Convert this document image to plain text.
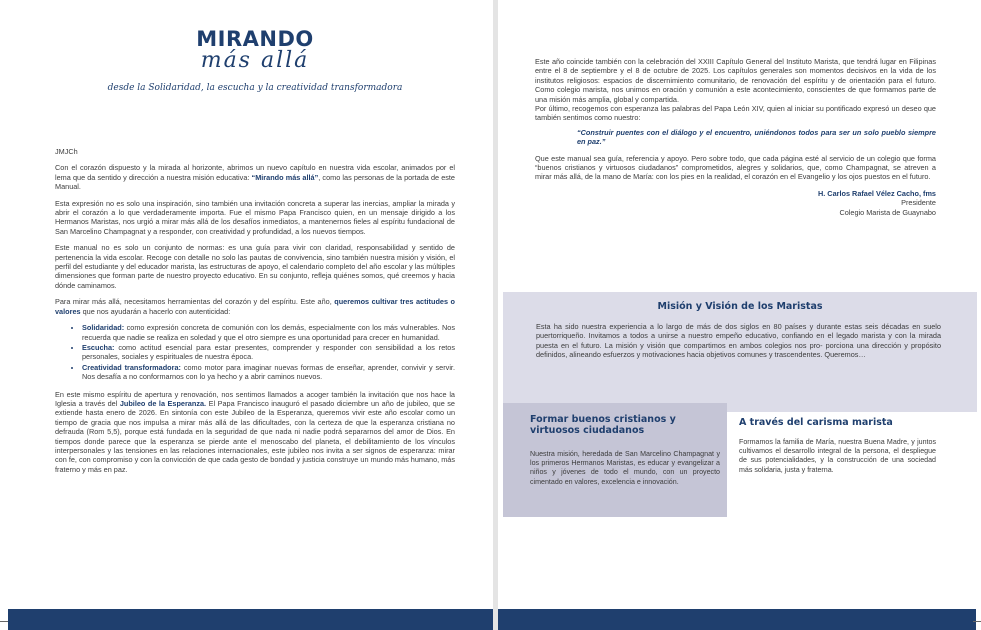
MIRANDO
más allá
desde la Solidaridad, la escucha y la creatividad transformadora

JMJCh

Con el corazón dispuesto y la mirada al horizonte, abrimos un nuevo capítulo en nuestra vida escolar, animados por el lema que da sentido y dirección a nuestra misión educativa: “Mirando más allá”, como las personas de la portada de este Manual.

Esta expresión no es solo una inspiración, sino también una invitación concreta a superar las inercias, ampliar la mirada y abrir el corazón a lo que verdaderamente importa. Fue el mismo Papa Francisco quien, en un mensaje dirigido a los Hermanos Maristas, nos urgió a mirar más allá de los desafíos inmediatos, a mantenernos fieles al espíritu fundacional de San Marcelino Champagnat y a responder, con creatividad y profundidad, a los nuevos tiempos.

Este manual no es solo un conjunto de normas: es una guía para vivir con claridad, responsabilidad y sentido de pertenencia la vida escolar. Recoge con detalle no solo las pautas de convivencia, sino también nuestra misión y visión, el perfil del estudiante y del educador marista, las estructuras de apoyo, el calendario completo del año escolar y las múltiples dimensiones que forman parte de nuestro proyecto educativo. En su conjunto, refleja quiénes somos, qué creemos y hacia dónde caminamos.

Para mirar más allá, necesitamos herramientas del corazón y del espíritu. Este año, queremos cultivar tres actitudes o valores que nos ayudarán a hacerlo con autenticidad:

• Solidaridad: como expresión concreta de comunión con los demás, especialmente con los más vulnerables. Nos recuerda que nadie se realiza en soledad y que el otro siempre es una oportunidad para crecer en humanidad.
• Escucha: como actitud esencial para estar presentes, comprender y responder con sensibilidad a los retos personales, sociales y espirituales de nuestra época.
• Creatividad transformadora: como motor para imaginar nuevas formas de enseñar, aprender, convivir y servir. Nos desafía a no conformarnos con lo ya hecho y a abrir caminos nuevos.

En este mismo espíritu de apertura y renovación, nos sentimos llamados a acoger también la invitación que nos hace la Iglesia a través del Jubileo de la Esperanza. El Papa Francisco inauguró el pasado diciembre un año de jubileo, que se extiende hasta enero de 2026. En sintonía con este Jubileo de la Esperanza, queremos vivir este año escolar como un tiempo de gracia que nos impulsa a mirar más allá de las dificultades, con la certeza de que la esperanza cristiana no defrauda (Rom 5,5), porque está fundada en la seguridad de que nada ni nadie podrá separarnos del amor de Dios. En tiempos donde parece que la esperanza se pierde ante el menoscabo del planeta, el debilitamiento de los vínculos interpersonales y las tensiones en las relaciones internacionales, este jubileo nos invita a ser signos de esperanza: mirar con fe, con compromiso y con la convicción de que cada gesto de bondad y justicia construye un mundo más humano, más fraterno y más en paz.

Este año coincide también con la celebración del XXIII Capítulo General del Instituto Marista, que tendrá lugar en Filipinas entre el 8 de septiembre y el 8 de octubre de 2025. Los capítulos generales son momentos decisivos en la vida de los institutos religiosos: espacios de discernimiento comunitario, de renovación del espíritu y de orientación para el futuro. Como colegio marista, nos unimos en oración y comunión a este acontecimiento, conscientes de que formamos parte de una misión más amplia, global y compartida.

Por último, recogemos con esperanza las palabras del Papa León XIV, quien al iniciar su pontificado expresó un deseo que también sentimos como nuestro:

“Construir puentes con el diálogo y el encuentro, uniéndonos todos para ser un solo pueblo siempre en paz.”

Que este manual sea guía, referencia y apoyo. Pero sobre todo, que cada página esté al servicio de un colegio que forma “buenos cristianos y virtuosos ciudadanos” comprometidos, alegres y solidarios, que, como Champagnat, se atreven a mirar más allá, de la mano de María: con los pies en la realidad, el corazón en el Evangelio y los ojos puestos en el futuro.

H. Carlos Rafael Vélez Cacho, fms
Presidente
Colegio Marista de Guaynabo
Misión y Visión de los Maristas
Esta ha sido nuestra experiencia a lo largo de más de dos siglos en 80 países y durante estas seis décadas en suelo puertorriqueño. Invitamos a todos a unirse a nuestro empeño educativo, confiando en el legado marista y con la mirada puesta en el futuro. La misión y visión que compartimos en ambos colegios nos pro- porciona una dirección y propósito definidos, alineando esfuerzos y motivaciones hacia objetivos comunes y trascendentes. Queremos…
Formar buenos cristianos y virtuosos ciudadanos
Nuestra misión, heredada de San Marcelino Champagnat y los primeros Hermanos Maristas, es educar y evangelizar a niños y jóvenes de todo el mundo, con un proyecto cimentado en valores, excelencia e innovación.
A través del carisma marista
Formamos la familia de María, nuestra Buena Madre, y juntos cultivamos el desarrollo integral de la persona, el despliegue de sus potencialidades, y la construcción de una sociedad más solidaria, justa y fraterna.
